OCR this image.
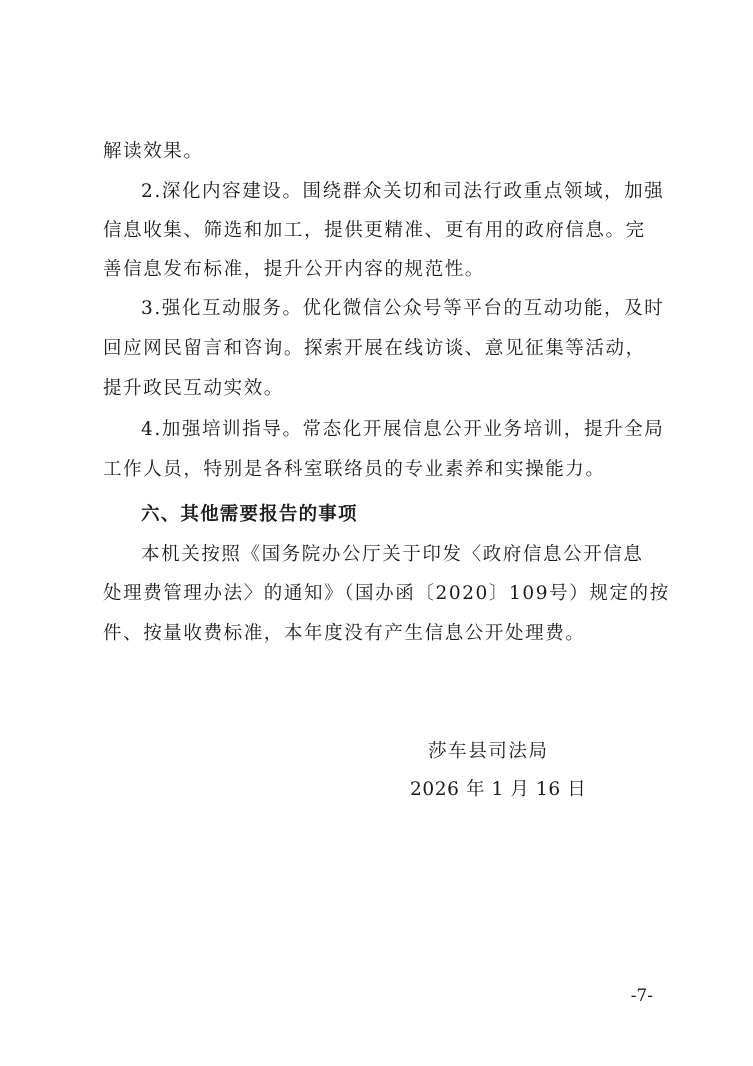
解读效果。
2.深化内容建设。围绕群众关切和司法行政重点领域，加强
信息收集、筛选和加工，提供更精准、更有用的政府信息。完
善信息发布标准，提升公开内容的规范性。
3.强化互动服务。优化微信公众号等平台的互动功能，及时
回应网民留言和咨询。探索开展在线访谈、意见征集等活动，
提升政民互动实效。
4.加强培训指导。常态化开展信息公开业务培训，提升全局
工作人员，特别是各科室联络员的专业素养和实操能力。
六、其他需要报告的事项
本机关按照《国务院办公厅关于印发〈政府信息公开信息
处理费管理办法〉的通知》（国办函〔2020〕109号）规定的按
件、按量收费标准，本年度没有产生信息公开处理费。
莎车县司法局
2026 年 1 月 16 日
-7-
